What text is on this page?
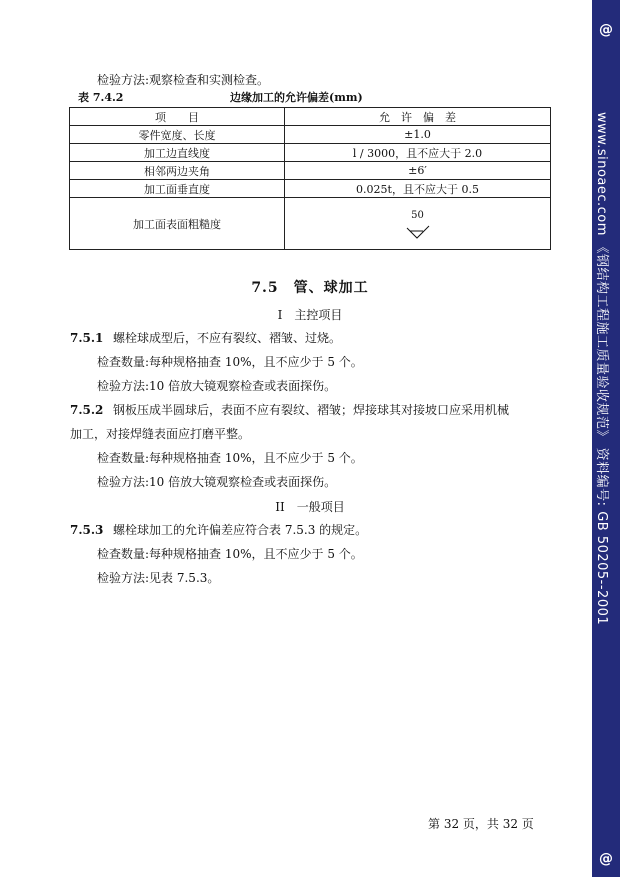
检验方法:观察检查和实测检查。
表 7.4.2	边缘加工的允许偏差(mm)
项　　目	允　许　偏　差
零件宽度、长度	±1.0
加工边直线度	l / 3000，且不应大于 2.0
相邻两边夹角	±6′
加工面垂直度	0.025t，且不应大于 0.5
加工面表面粗糙度	50
7.5　管、球加工
I　主控项目
7.5.1 螺栓球成型后，不应有裂纹、褶皱、过烧。
检查数量:每种规格抽查 10%，且不应少于 5 个。
检验方法:10 倍放大镜观察检查或表面探伤。
7.5.2 钢板压成半圆球后，表面不应有裂纹、褶皱；焊接球其对接坡口应采用机械
加工，对接焊缝表面应打磨平整。
检查数量:每种规格抽查 10%，且不应少于 5 个。
检验方法:10 倍放大镜观察检查或表面探伤。
II　一般项目
7.5.3 螺栓球加工的允许偏差应符合表 7.5.3 的规定。
检查数量:每种规格抽查 10%，且不应少于 5 个。
检验方法:见表 7.5.3。
第 32 页，共 32 页
@
www.sinoaec.com 《钢结构工程施工质量验收规范》 资料编号: GB 50205--2001
@
